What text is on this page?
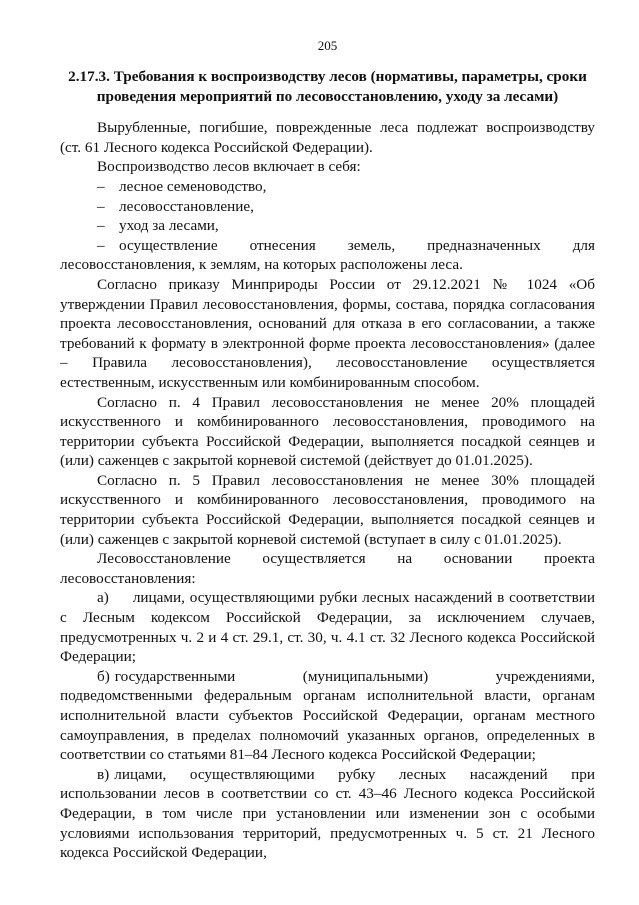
205
2.17.3. Требования к воспроизводству лесов (нормативы, параметры, сроки проведения мероприятий по лесовосстановлению, уходу за лесами)

Вырубленные, погибшие, поврежденные леса подлежат воспроизводству (ст. 61 Лесного кодекса Российской Федерации).

Воспроизводство лесов включает в себя:

– лесное семеноводство,
– лесовосстановление,
– уход за лесами,
– осуществление отнесения земель, предназначенных для

лесовосстановления, к землям, на которых расположены леса.

Согласно приказу Минприроды России от 29.12.2021 № 1024 «Об утверждении Правил лесовосстановления, формы, состава, порядка согласования проекта лесовосстановления, оснований для отказа в его согласовании, а также требований к формату в электронной форме проекта лесовосстановления» (далее – Правила лесовосстановления), лесовосстановление осуществляется естественным, искусственным или комбинированным способом.

Согласно п. 4 Правил лесовосстановления не менее 20% площадей искусственного и комбинированного лесовосстановления, проводимого на территории субъекта Российской Федерации, выполняется посадкой сеянцев и (или) саженцев с закрытой корневой системой (действует до 01.01.2025).

Согласно п. 5 Правил лесовосстановления не менее 30% площадей искусственного и комбинированного лесовосстановления, проводимого на территории субъекта Российской Федерации, выполняется посадкой сеянцев и (или) саженцев с закрытой корневой системой (вступает в силу с 01.01.2025).

Лесовосстановление осуществляется на основании проекта лесовосстановления:

а) лицами, осуществляющими рубки лесных насаждений в соответствии с Лесным кодексом Российской Федерации, за исключением случаев, предусмотренных ч. 2 и 4 ст. 29.1, ст. 30, ч. 4.1 ст. 32 Лесного кодекса Российской Федерации;

б) государственными (муниципальными) учреждениями, подведомственными федеральным органам исполнительной власти, органам исполнительной власти субъектов Российской Федерации, органам местного самоуправления, в пределах полномочий указанных органов, определенных в соответствии со статьями 81–84 Лесного кодекса Российской Федерации;

в) лицами, осуществляющими рубку лесных насаждений при использовании лесов в соответствии со ст. 43–46 Лесного кодекса Российской Федерации, в том числе при установлении или изменении зон с особыми условиями использования территорий, предусмотренных ч. 5 ст. 21 Лесного кодекса Российской Федерации,
